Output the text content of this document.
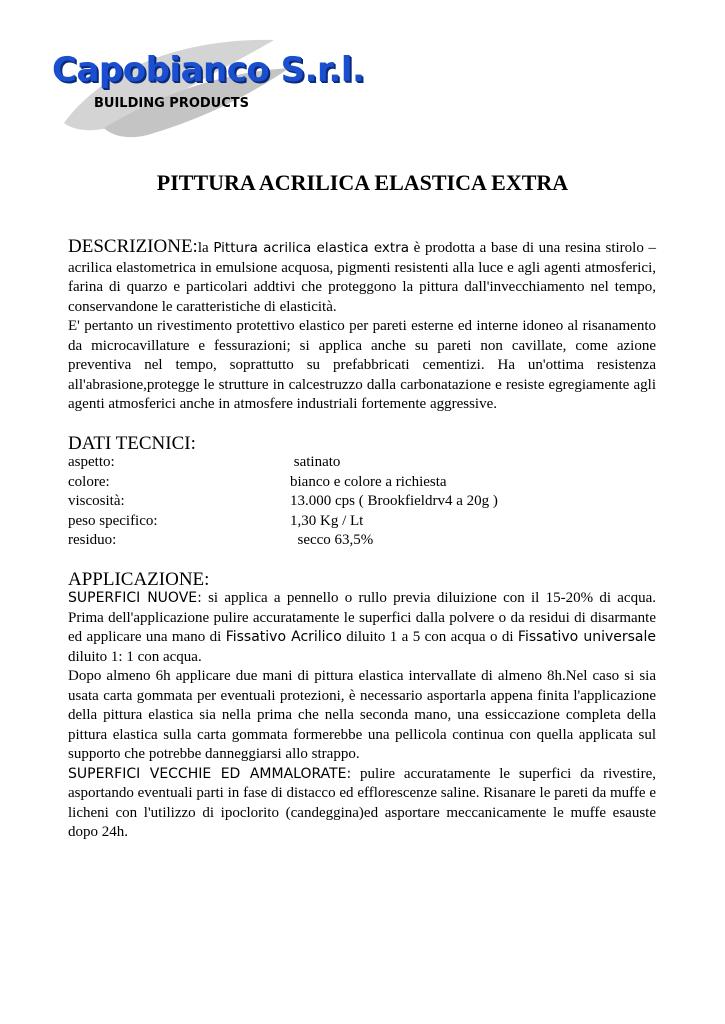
Capobianco S.r.l.
BUILDING PRODUCTS
PITTURA ACRILICA ELASTICA EXTRA

DESCRIZIONE:la Pittura acrilica elastica extra è prodotta a base di una resina stirolo – acrilica elastometrica in emulsione acquosa, pigmenti resistenti alla luce e agli agenti atmosferici, farina di quarzo e particolari addtivi che proteggono la pittura dall'invecchiamento nel tempo, conservandone le caratteristiche di elasticità.

E' pertanto un rivestimento protettivo elastico per pareti esterne ed interne idoneo al risanamento da microcavillature e fessurazioni; si applica anche su pareti non cavillate, come azione preventiva nel tempo, soprattutto su prefabbricati cementizi. Ha un'ottima resistenza all'abrasione,protegge le strutture in calcestruzzo dalla carbonatazione e resiste egregiamente agli agenti atmosferici anche in atmosfere industriali fortemente aggressive.

DATI TECNICI:
aspetto:	satinato
colore:	bianco e colore a richiesta
viscosità:	13.000 cps ( Brookfieldrv4 a 20g )
peso specifico:	1,30 Kg / Lt
residuo:	secco 63,5%
APPLICAZIONE:

SUPERFICI NUOVE: si applica a pennello o rullo previa diluizione con il 15-20% di acqua. Prima dell'applicazione pulire accuratamente le superfici dalla polvere o da residui di disarmante ed applicare una mano di Fissativo Acrilico diluito 1 a 5 con acqua o di Fissativo universale diluito 1: 1 con acqua.

Dopo almeno 6h applicare due mani di pittura elastica intervallate di almeno 8h.Nel caso si sia usata carta gommata per eventuali protezioni, è necessario asportarla appena finita l'applicazione della pittura elastica sia nella prima che nella seconda mano, una essiccazione completa della pittura elastica sulla carta gommata formerebbe una pellicola continua con quella applicata sul supporto che potrebbe danneggiarsi allo strappo.

SUPERFICI VECCHIE ED AMMALORATE: pulire accuratamente le superfici da rivestire, asportando eventuali parti in fase di distacco ed efflorescenze saline. Risanare le pareti da muffe e licheni con l'utilizzo di ipoclorito (candeggina)ed asportare meccanicamente le muffe esauste dopo 24h.
